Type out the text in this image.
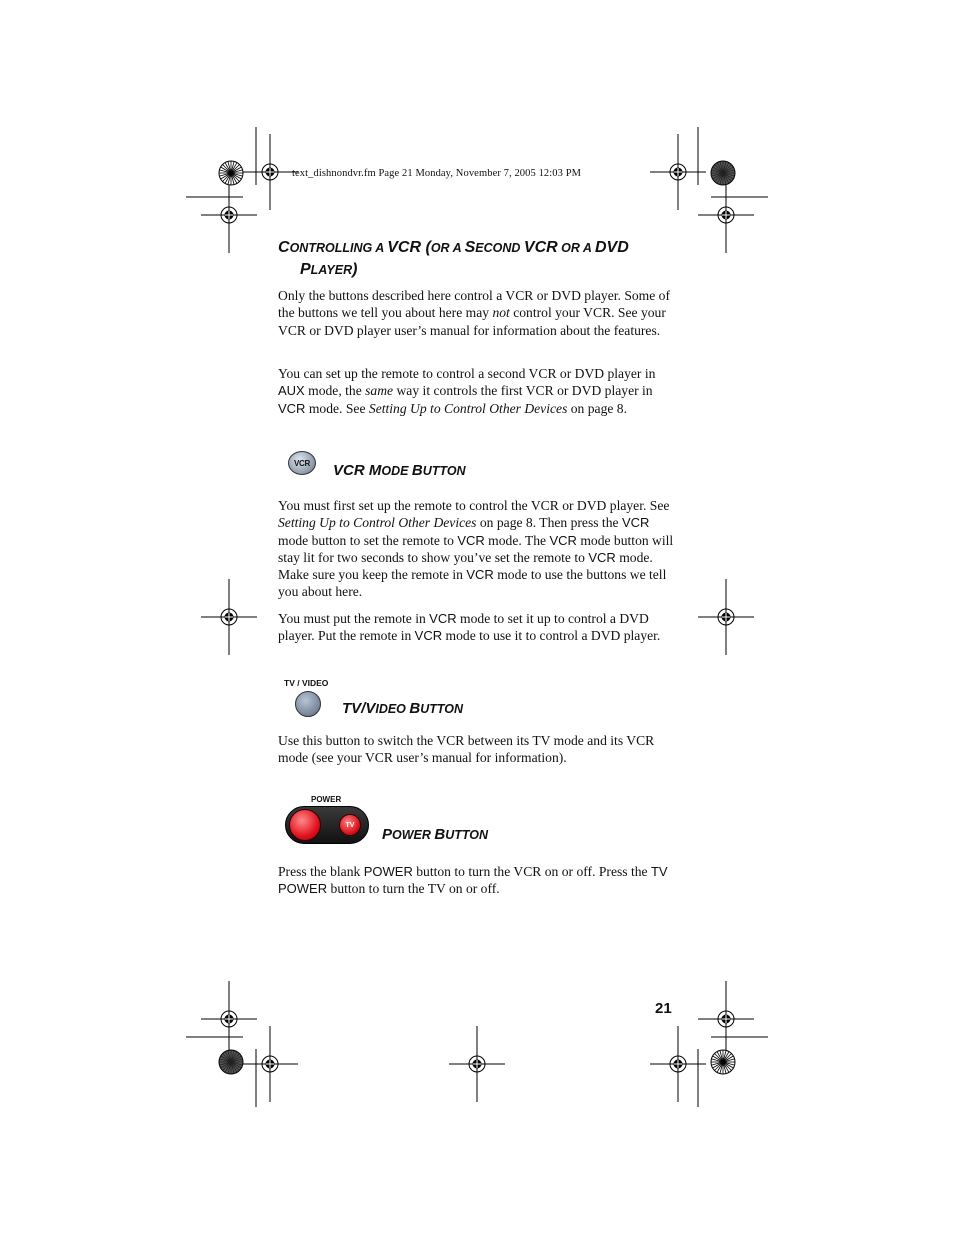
text_dishnondvr.fm Page 21 Monday, November 7, 2005 12:03 PM
CONTROLLING A VCR (OR A SECOND VCR OR A DVD
PLAYER)

Only the buttons described here control a VCR or DVD player. Some of the buttons we tell you about here may not control your VCR. See your VCR or DVD player user’s manual for information about the features.

You can set up the remote to control a second VCR or DVD player in AUX mode, the same way it controls the first VCR or DVD player in VCR mode. See Setting Up to Control Other Devices on page 8.

VCR VCR MODE BUTTON

You must first set up the remote to control the VCR or DVD player. See Setting Up to Control Other Devices on page 8. Then press the VCR mode button to set the remote to VCR mode. The VCR mode button will stay lit for two seconds to show you’ve set the remote to VCR mode. Make sure you keep the remote in VCR mode to use the buttons we tell you about here.

You must put the remote in VCR mode to set it up to control a DVD player. Put the remote in VCR mode to use it to control a DVD player.

TV / VIDEO
TV/VIDEO BUTTON

Use this button to switch the VCR between its TV mode and its VCR mode (see your VCR user’s manual for information).

POWER
TV
POWER BUTTON

Press the blank POWER button to turn the VCR on or off. Press the TV POWER button to turn the TV on or off.

21
